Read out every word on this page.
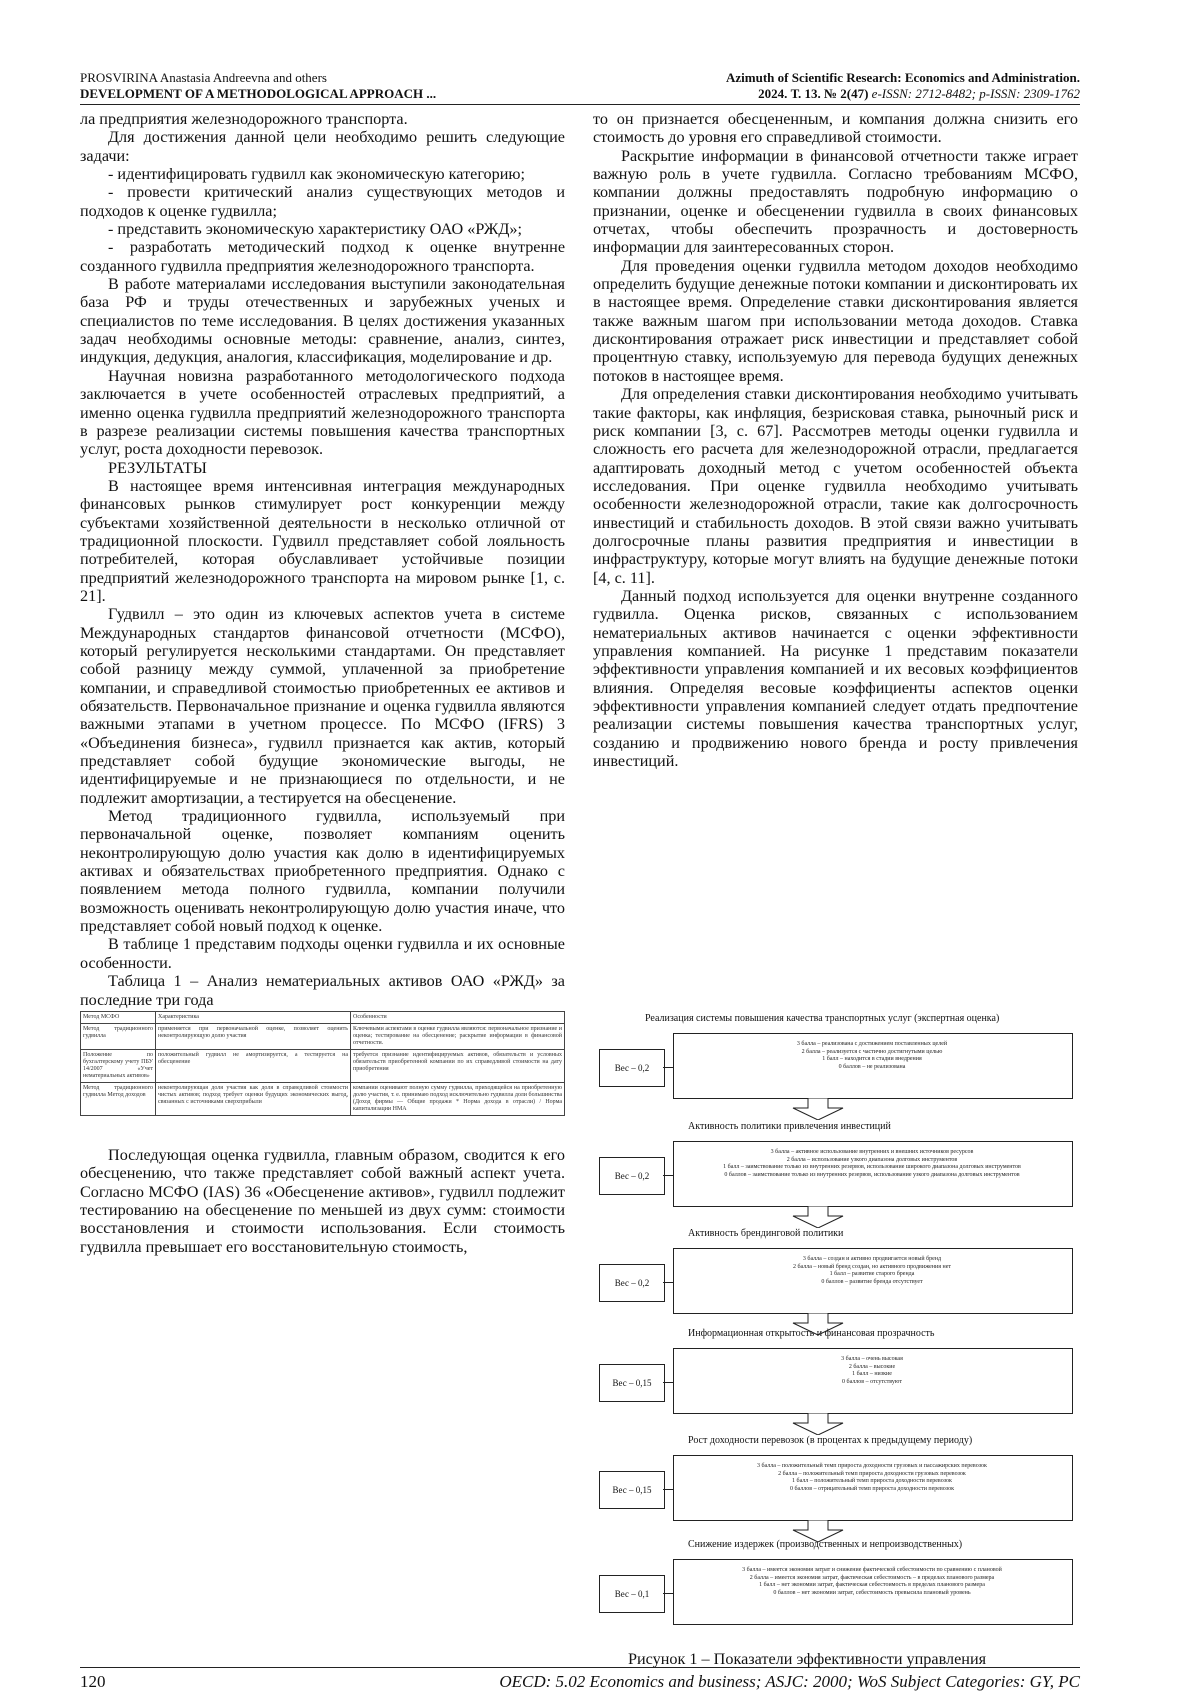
PROSVIRINA Anastasia Andreevna and others
DEVELOPMENT OF A METHODOLOGICAL APPROACH ...
Azimuth of Scientific Research: Economics and Administration.
2024. Т. 13. № 2(47) e-ISSN: 2712-8482; p-ISSN: 2309-1762

ла предприятия железнодорожного транспорта.

Для достижения данной цели необходимо решить следующие задачи:

- идентифицировать гудвилл как экономическую категорию;

- провести критический анализ существующих методов и подходов к оценке гудвилла;

- представить экономическую характеристику ОАО «РЖД»;

- разработать методический подход к оценке внутренне созданного гудвилла предприятия железнодорожного транспорта.

В работе материалами исследования выступили законодательная база РФ и труды отечественных и зарубежных ученых и специалистов по теме исследования. В целях достижения указанных задач необходимы основные методы: сравнение, анализ, синтез, индукция, дедукция, аналогия, классификация, моделирование и др.

Научная новизна разработанного методологического подхода заключается в учете особенностей отраслевых предприятий, а именно оценка гудвилла предприятий железнодорожного транспорта в разрезе реализации системы повышения качества транспортных услуг, роста доходности перевозок.

РЕЗУЛЬТАТЫ

В настоящее время интенсивная интеграция международных финансовых рынков стимулирует рост конкуренции между субъектами хозяйственной деятельности в несколько отличной от традиционной плоскости. Гудвилл представляет собой лояльность потребителей, которая обуславливает устойчивые позиции предприятий железнодорожного транспорта на мировом рынке [1, с. 21].

Гудвилл – это один из ключевых аспектов учета в системе Международных стандартов финансовой отчетности (МСФО), который регулируется несколькими стандартами. Он представляет собой разницу между суммой, уплаченной за приобретение компании, и справедливой стоимостью приобретенных ее активов и обязательств. Первоначальное признание и оценка гудвилла являются важными этапами в учетном процессе. По МСФО (IFRS) 3 «Объединения бизнеса», гудвилл признается как актив, который представляет собой будущие экономические выгоды, не идентифицируемые и не признающиеся по отдельности, и не подлежит амортизации, а тестируется на обесценение.

Метод традиционного гудвилла, используемый при первоначальной оценке, позволяет компаниям оценить неконтролирующую долю участия как долю в идентифицируемых активах и обязательствах приобретенного предприятия. Однако с появлением метода полного гудвилла, компании получили возможность оценивать неконтролирующую долю участия иначе, что представляет собой новый подход к оценке.

В таблице 1 представим подходы оценки гудвилла и их основные особенности.

Таблица 1 – Анализ нематериальных активов ОАО «РЖД» за последние три года

Метод МСФО	Характеристика	Особенности
Метод традиционного гудвилла	применяется при первоначальной оценке, позволяет оценить неконтролирующую долю участия	Ключевыми аспектами в оценке гудвилла являются: первоначальное признание и оценка; тестирование на обесценение; раскрытие информации в финансовой отчетности.
Положение по бухгалтерскому учету ПБУ 14/2007 «Учет нематериальных активов»	положительный гудвилл не амортизируется, а тестируется на обесценение	требуется признание идентифицируемых активов, обязательств и условных обязательств приобретенной компании по их справедливой стоимости на дату приобретения
Метод традиционного гудвилла Метод доходов	неконтролирующая доля участия как доля в справедливой стоимости чистых активов; подход требует оценки будущих экономических выгод, связанных с источниками сверхприбыли	компании оценивают полную сумму гудвилла, приходящейся на приобретенную долю участия, т. е. принимаю подход исключительно гудвилла доли большинства (Доход фирмы — Общие продажи * Норма дохода в отрасли) / Норма капитализации НМА

Последующая оценка гудвилла, главным образом, сводится к его обесценению, что также представляет собой важный аспект учета. Согласно МСФО (IAS) 36 «Обесценение активов», гудвилл подлежит тестированию на обесценение по меньшей из двух сумм: стоимости восстановления и стоимости использования. Если стоимость гудвилла превышает его восстановительную стоимость,

то он признается обесцененным, и компания должна снизить его стоимость до уровня его справедливой стоимости.

Раскрытие информации в финансовой отчетности также играет важную роль в учете гудвилла. Согласно требованиям МСФО, компании должны предоставлять подробную информацию о признании, оценке и обесценении гудвилла в своих финансовых отчетах, чтобы обеспечить прозрачность и достоверность информации для заинтересованных сторон.

Для проведения оценки гудвилла методом доходов необходимо определить будущие денежные потоки компании и дисконтировать их в настоящее время. Определение ставки дисконтирования является также важным шагом при использовании метода доходов. Ставка дисконтирования отражает риск инвестиции и представляет собой процентную ставку, используемую для перевода будущих денежных потоков в настоящее время.

Для определения ставки дисконтирования необходимо учитывать такие факторы, как инфляция, безрисковая ставка, рыночный риск и риск компании [3, с. 67]. Рассмотрев методы оценки гудвилла и сложность его расчета для железнодорожной отрасли, предлагается адаптировать доходный метод с учетом особенностей объекта исследования. При оценке гудвилла необходимо учитывать особенности железнодорожной отрасли, такие как долгосрочность инвестиций и стабильность доходов. В этой связи важно учитывать долгосрочные планы развития предприятия и инвестиции в инфраструктуру, которые могут влиять на будущие денежные потоки [4, с. 11].

Данный подход используется для оценки внутренне созданного гудвилла. Оценка рисков, связанных с использованием нематериальных активов начинается с оценки эффективности управления компанией. На рисунке 1 представим показатели эффективности управления компанией и их весовых коэффициентов влияния. Определяя весовые коэффициенты аспектов оценки эффективности управления компанией следует отдать предпочтение реализации системы повышения качества транспортных услуг, созданию и продвижению нового бренда и росту привлечения инвестиций.

Реализация системы повышения качества транспортных услуг (экспертная оценка)
Вес – 0,2
3 балла – реализована с достижением поставленных целей
2 балла – реализуется с частично достигнутыми целью
1 балл – находится в стадии внедрения
0 баллов – не реализована
Активность политики привлечения инвестиций
Вес – 0,2
3 балла – активное использование внутренних и внешних источников ресурсов
2 балла – использование узкого диапазона долговых инструментов
1 балл – заимствование только из внутренних резервов, использование широкого диапазона долговых инструментов
0 баллов – заимствование только из внутренних резервов, использование узкого диапазона долговых инструментов
Активность брендинговой политики
Вес – 0,2
3 балла – создан и активно продвигается новый бренд
2 балла – новый бренд создан, но активного продвижения нет
1 балл – развитие старого бренда
0 баллов – развитие бренда отсутствует
Информационная открытость и финансовая прозрачность
Вес – 0,15
3 балла – очень высокая
2 балла – высокие
1 балл – низкие
0 баллов – отсутствуют
Рост доходности перевозок (в процентах к предыдущему периоду)
Вес – 0,15
3 балла – положительный темп прироста доходности грузовых и пассажирских перевозок
2 балла – положительный темп прироста доходности грузовых перевозок
1 балл – положительный темп прироста доходности перевозок
0 баллов – отрицательный темп прироста доходности перевозок
Снижение издержек (производственных и непроизводственных)
Вес – 0,1
3 балла – имеется экономия затрат и снижение фактической себестоимости по сравнению с плановой
2 балла – имеется экономия затрат, фактическая себестоимость – в пределах планового размера
1 балл – нет экономии затрат, фактическая себестоимость в пределах планового размера
0 баллов – нет экономии затрат, себестоимость превысила плановый уровень
Рисунок 1 – Показатели эффективности управления
120	OECD: 5.02 Economics and business; ASJC: 2000; WoS Subject Categories: GY, PC
